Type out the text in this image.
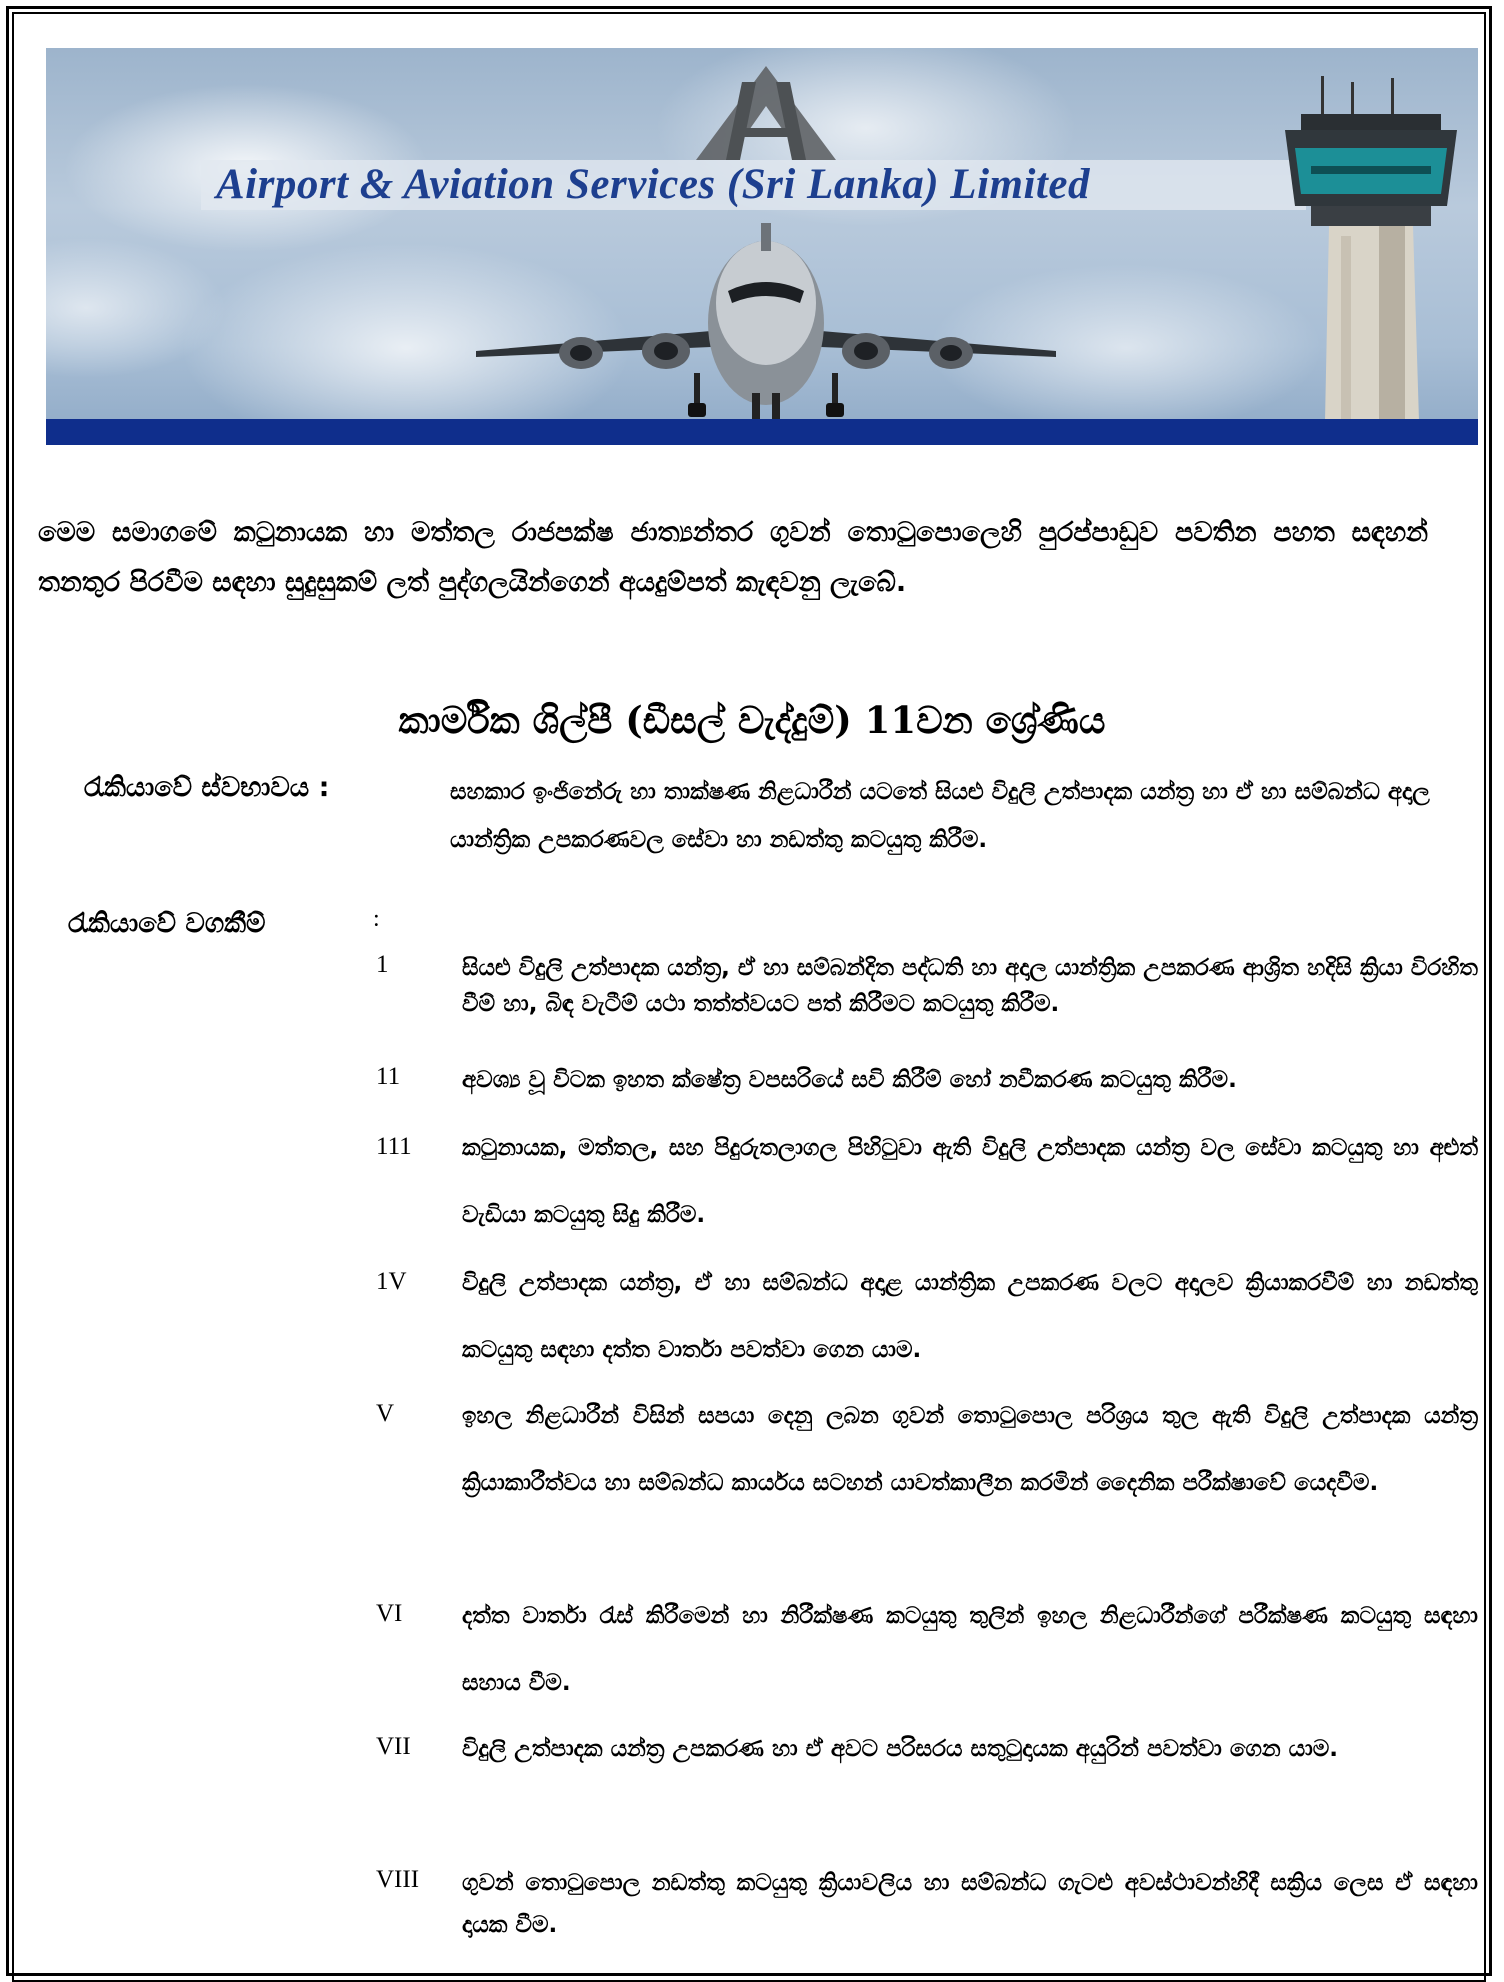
Airport & Aviation Services (Sri Lanka) Limited

මෙම සමාගමේ කටුනායක හා මත්තල රාජපක්ෂ ජාත්‍යන්තර ගුවන් තොටුපොලෙහි පුරප්පාඩුව පවතින පහත සඳහන් තනතුර පිරවීම සඳහා සුදුසුකම් ලත් පුද්ගලයින්ගෙන් අයදුම්පත් කැඳවනු ලැබේ.

කාර්මික ශිල්පී (ඩීසල් වැද්දුම්) 11වන ශ්‍රේණිය
රැකියාවේ ස්වභාවය :	සහකාර ඉංජිනේරු හා තාක්ෂණ නිළධාරීන් යටතේ සියළු විදුලි උත්පාදක යන්ත්‍ර හා ඒ හා සම්බන්ධ අදාල යාන්ත්‍රික උපකරණවල සේවා හා නඩත්තු කටයුතු කිරීම.

රැකියාවේ වගකීම්	:
1	සියළු විදුලි උත්පාදක යන්ත්‍ර, ඒ හා සම්බන්දිත පද්ධති හා අදාල යාන්ත්‍රික උපකරණ ආශ්‍රිත හදිසි ක්‍රියා විරහිත වීම් හා, බිඳ වැටීම් යථා තත්ත්වයට පත් කිරීමට කටයුතු කිරීම.

11	අවශ්‍ය වූ විටක ඉහත ක්ෂේත්‍ර වපසරියේ සවි කිරීම් හෝ නවීකරණ කටයුතු කිරීම.

111	කටුනායක, මත්තල, සහ පිදුරුතලාගල පිහිටුවා ඇති විදුලි උත්පාදක යන්ත්‍ර වල සේවා කටයුතු හා අළුත් වැඩියා කටයුතු සිදු කිරීම.

1V	විදුලි උත්පාදක යන්ත්‍ර, ඒ හා සම්බන්ධ අදාළ යාන්ත්‍රික උපකරණ වලට අදාලව ක්‍රියාකරවීම් හා නඩත්තු කටයුතු සඳහා දත්ත වාර්තා පවත්වා ගෙන යාම.

V	ඉහල නිළධාරීන් විසින් සපයා දෙනු ලබන ගුවන් තොටුපොල පරිශ්‍රය තුල ඇති විදුලි උත්පාදක යන්ත්‍ර ක්‍රියාකාරීත්වය හා සම්බන්ධ කාර්යය සටහන් යාවත්කාලීන කරමින් දෛනික පරීක්ෂාවේ යෙදවීම.

VI	දත්ත වාර්තා රැස් කිරීමෙන් හා නිරීක්ෂණ කටයුතු තුලින් ඉහල නිළධාරීන්ගේ පරීක්ෂණ කටයුතු සඳහා සහාය වීම.

VII	විදුලි උත්පාදක යන්ත්‍ර උපකරණ හා ඒ අවට පරිසරය සතුටුදායක අයුරින් පවත්වා ගෙන යාම.

VIII	ගුවන් තොටුපොල නඩත්තු කටයුතු ක්‍රියාවලිය හා සම්බන්ධ ගැටළු අවස්ථාවන්හිදී සක්‍රිය ලෙස ඒ සඳහා දායක වීම.
